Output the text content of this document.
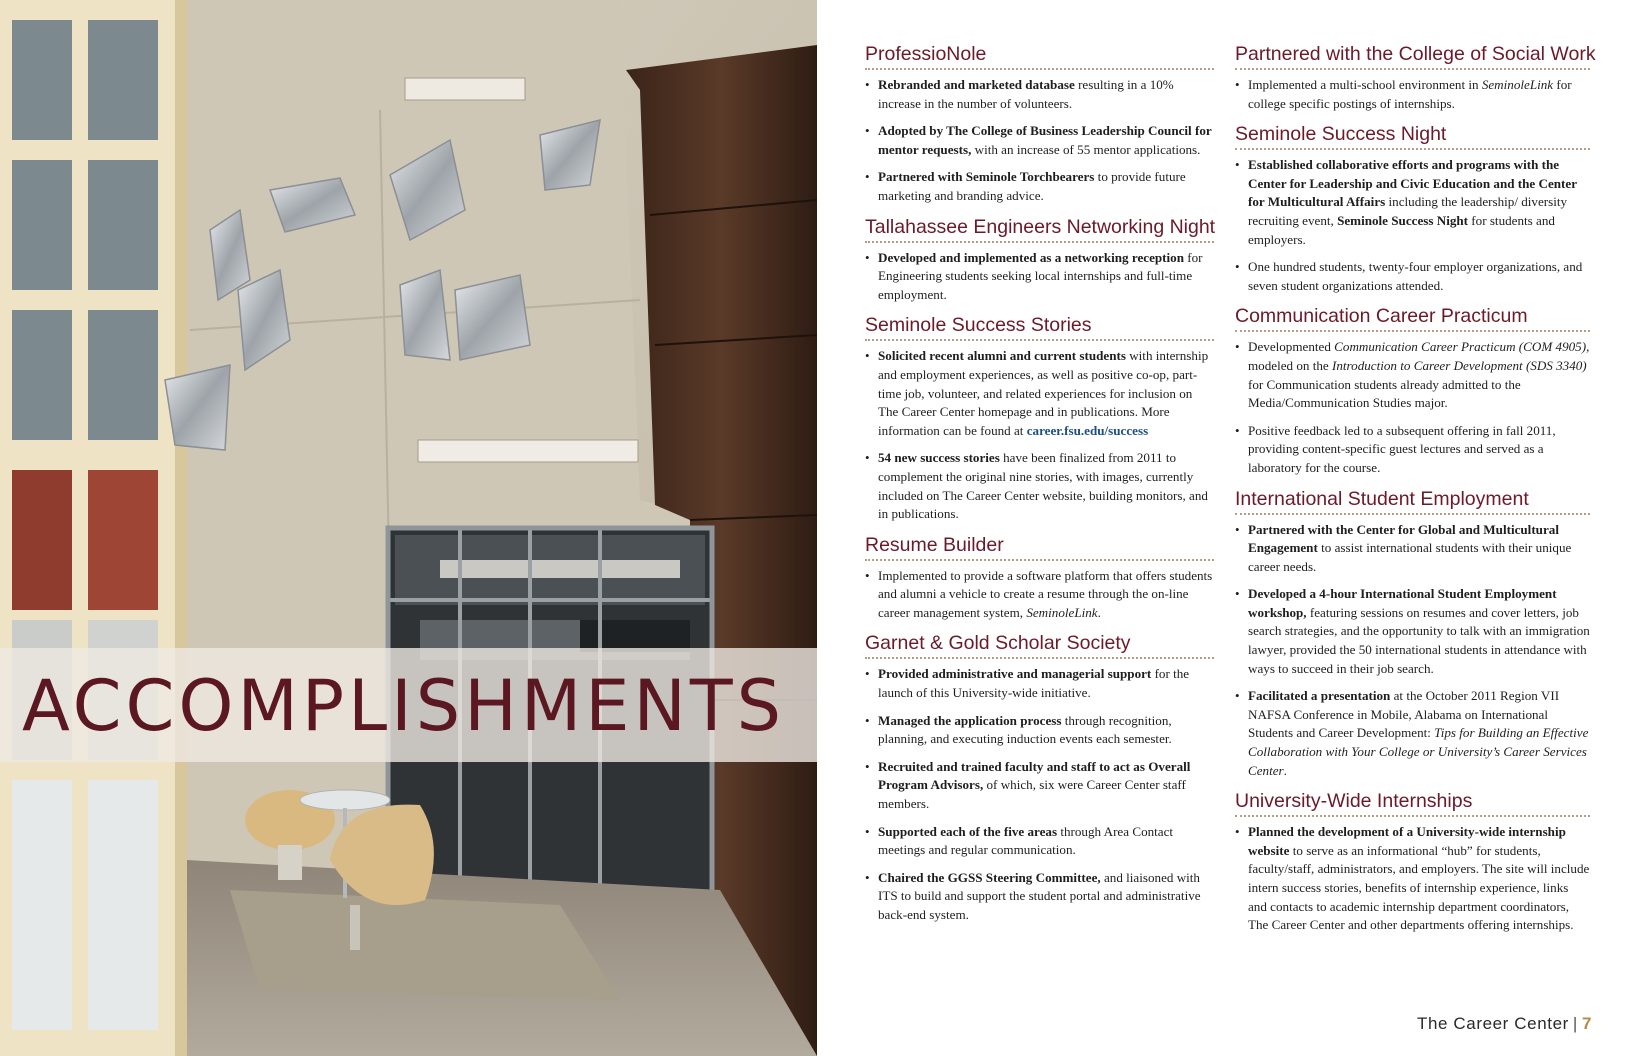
ACCOMPLISHMENTS
ProfessioNole
• Rebranded and marketed database resulting in a 10% increase in the number of volunteers.
• Adopted by The College of Business Leadership Council for mentor requests, with an increase of 55 mentor applications.
• Partnered with Seminole Torchbearers to provide future marketing and branding advice.
Tallahassee Engineers Networking Night
• Developed and implemented as a networking reception for Engineering students seeking local internships and full-time employment.
Seminole Success Stories
• Solicited recent alumni and current students with internship and employment experiences, as well as positive co-op, part-time job, volunteer, and related experiences for inclusion on The Career Center homepage and in publications. More information can be found at career.fsu.edu/success
• 54 new success stories have been finalized from 2011 to complement the original nine stories, with images, currently included on The Career Center website, building monitors, and in publications.
Resume Builder
• Implemented to provide a software platform that offers students and alumni a vehicle to create a resume through the on-line career management system, SeminoleLink.
Garnet & Gold Scholar Society
• Provided administrative and managerial support for the launch of this University-wide initiative.
• Managed the application process through recognition, planning, and executing induction events each semester.
• Recruited and trained faculty and staff to act as Overall Program Advisors, of which, six were Career Center staff members.
• Supported each of the five areas through Area Contact meetings and regular communication.
• Chaired the GGSS Steering Committee, and liaisoned with ITS to build and support the student portal and administrative back-end system.
Partnered with the College of Social Work
• Implemented a multi-school environment in SeminoleLink for college specific postings of internships.
Seminole Success Night
• Established collaborative efforts and programs with the Center for Leadership and Civic Education and the Center for Multicultural Affairs including the leadership/ diversity recruiting event, Seminole Success Night for students and employers.
• One hundred students, twenty-four employer organizations, and seven student organizations attended.
Communication Career Practicum
• Developmented Communication Career Practicum (COM 4905), modeled on the Introduction to Career Development (SDS 3340) for Communication students already admitted to the Media/Communication Studies major.
• Positive feedback led to a subsequent offering in fall 2011, providing content-specific guest lectures and served as a laboratory for the course.
International Student Employment
• Partnered with the Center for Global and Multicultural Engagement to assist international students with their unique career needs.
• Developed a 4-hour International Student Employment workshop, featuring sessions on resumes and cover letters, job search strategies, and the opportunity to talk with an immigration lawyer, provided the 50 international students in attendance with ways to succeed in their job search.
• Facilitated a presentation at the October 2011 Region VII NAFSA Conference in Mobile, Alabama on International Students and Career Development: Tips for Building an Effective Collaboration with Your College or University’s Career Services Center.
University-Wide Internships
• Planned the development of a University-wide internship website to serve as an informational “hub” for students, faculty/staff, administrators, and employers. The site will include intern success stories, benefits of internship experience, links and contacts to academic internship department coordinators, The Career Center and other departments offering internships.
The Career Center | 7
